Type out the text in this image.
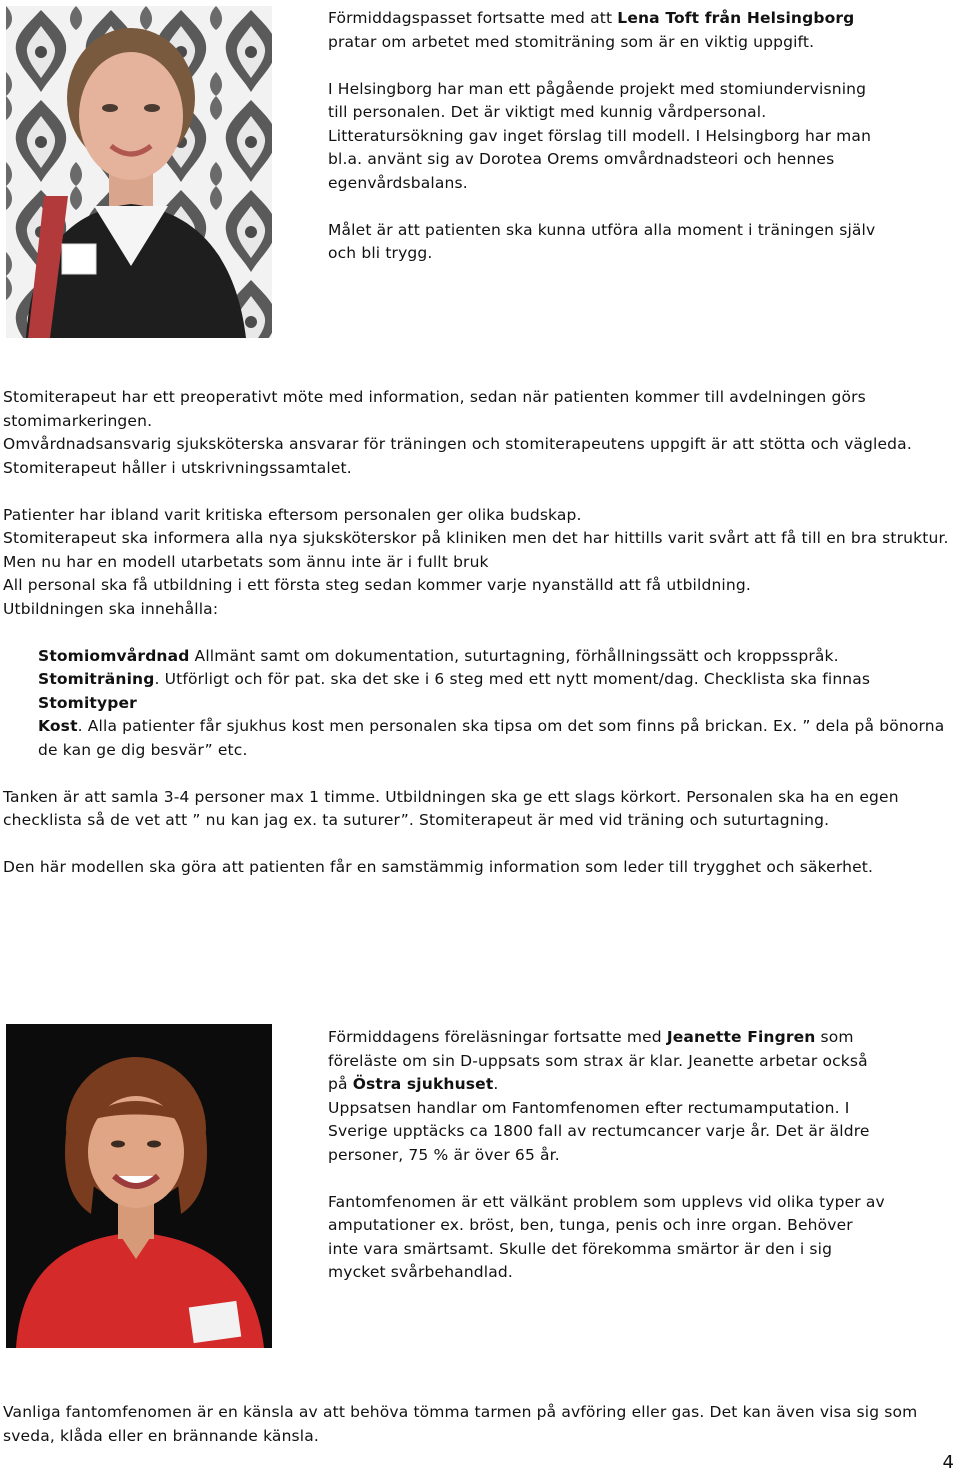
Förmiddagspasset fortsatte med att Lena Toft från Helsingborg pratar om arbetet med stomiträning som är en viktig uppgift.

I Helsingborg har man ett pågående projekt med stomiundervisning till personalen. Det är viktigt med kunnig vårdpersonal. Litteratursökning gav inget förslag till modell. I Helsingborg har man bl.a. använt sig av Dorotea Orems omvårdnadsteori och hennes egenvårdsbalans.

Målet är att patienten ska kunna utföra alla moment i träningen själv och bli trygg.

Stomiterapeut har ett preoperativt möte med information, sedan när patienten kommer till avdelningen görs stomimarkeringen.

Omvårdnadsansvarig sjuksköterska ansvarar för träningen och stomiterapeutens uppgift är att stötta och vägleda.

Stomiterapeut håller i utskrivningssamtalet.

Patienter har ibland varit kritiska eftersom personalen ger olika budskap.

Stomiterapeut ska informera alla nya sjuksköterskor på kliniken men det har hittills varit svårt att få till en bra struktur. Men nu har en modell utarbetats som ännu inte är i fullt bruk

All personal ska få utbildning i ett första steg sedan kommer varje nyanställd att få utbildning.

Utbildningen ska innehålla:

Stomiomvårdnad Allmänt samt om dokumentation, suturtagning, förhållningssätt och kroppsspråk.

Stomiträning. Utförligt och för pat. ska det ske i 6 steg med ett nytt moment/dag. Checklista ska finnas

Stomityper

Kost. Alla patienter får sjukhus kost men personalen ska tipsa om det som finns på brickan. Ex. ” dela på bönorna de kan ge dig besvär” etc.

Tanken är att samla 3-4 personer max 1 timme. Utbildningen ska ge ett slags körkort. Personalen ska ha en egen checklista så de vet att ” nu kan jag ex. ta suturer”. Stomiterapeut är med vid träning och suturtagning.

Den här modellen ska göra att patienten får en samstämmig information som leder till trygghet och säkerhet.

Förmiddagens föreläsningar fortsatte med Jeanette Fingren som föreläste om sin D-uppsats som strax är klar. Jeanette arbetar också på Östra sjukhuset.

Uppsatsen handlar om Fantomfenomen efter rectumamputation. I Sverige upptäcks ca 1800 fall av rectumcancer varje år. Det är äldre personer, 75 % är över 65 år.

Fantomfenomen är ett välkänt problem som upplevs vid olika typer av amputationer ex. bröst, ben, tunga, penis och inre organ. Behöver inte vara smärtsamt. Skulle det förekomma smärtor är den i sig mycket svårbehandlad.

Vanliga fantomfenomen är en känsla av att behöva tömma tarmen på avföring eller gas. Det kan även visa sig som sveda, klåda eller en brännande känsla.

4
